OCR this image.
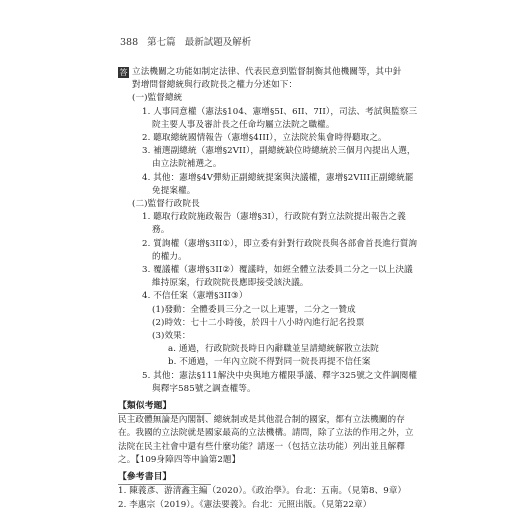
388 第七篇 最新試題及解析
答 立法機關之功能如制定法律、代表民意到監督制衡其他機關等，其中針

對增問督總統與行政院長之權力分述如下：

(一)監督總統

1. 人事同意權（憲法§104、憲增§5I、6II、7II），司法、考試與監察三院主要人事及審計長之任命均屬立法院之職權。

2. 聽取總統國情報告（憲增§4III），立法院於集會時得聽取之。

3. 補選副總統（憲增§2VII），副總統缺位時總統於三個月內提出人選，由立法院補選之。

4. 其他：憲增§4V彈劾正副總統提案與決議權，憲增§2VIII正副總統罷免提案權。

(二)監督行政院長

1. 聽取行政院施政報告（憲增§3I），行政院有對立法院提出報告之義務。

2. 質詢權（憲增§3II①），即立委有針對行政院長與各部會首長進行質詢的權力。

3. 覆議權（憲增§3II②）覆議時，如經全體立法委員二分之一以上決議維持原案，行政院院長應即接受該決議。

4. 不信任案（憲增§3II③）

(1)發動：全體委員三分之一以上連署，二分之一贊成

(2)時效：七十二小時後，於四十八小時內進行記名投票

(3)效果：

a. 通過，行政院院長時日內辭職並呈請總統解散立法院

b. 不通過，一年內立院不得對同一院長再提不信任案

5. 其他：憲法§111解決中央與地方權限爭議、釋字325號之文件調閱權與釋字585號之調查權等。

【類似考題】

民主政體無論是內閣制、總統制或是其他混合制的國家，都有立法機關的存在。我國的立法院就是國家最高的立法機構。請問，除了立法的作用之外，立法院在民主社會中還有些什麼功能？請逐一（包括立法功能）列出並且解釋之。【109身障四等申論第2題】

【參考書目】

1. 陳義彥、游清鑫主編（2020）。《政治學》。台北：五南。（見第8、9章）

2. 李惠宗（2019）。《憲法要義》。台北：元照出版。（見第22章）
